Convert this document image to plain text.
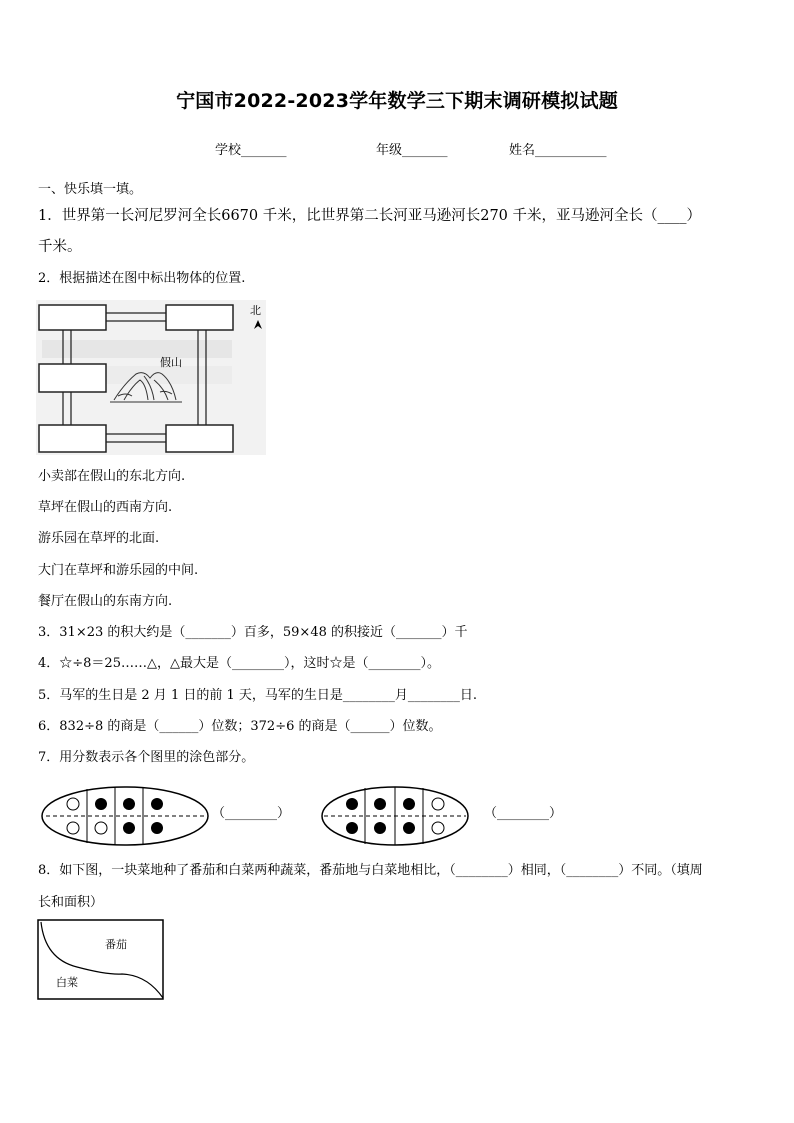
宁国市2022-2023学年数学三下期末调研模拟试题
学校_______	年级_______	姓名___________
一、快乐填一填。
1．世界第一长河尼罗河全长6670 千米，比世界第二长河亚马逊河长270 千米，亚马逊河全长（____）
千米。
2．根据描述在图中标出物体的位置.
假山
北
小卖部在假山的东北方向.
草坪在假山的西南方向.
游乐园在草坪的北面.
大门在草坪和游乐园的中间.
餐厅在假山的东南方向.
3．31×23 的积大约是（_______）百多，59×48 的积接近（_______）千
4．☆÷8＝25……△，△最大是（________），这时☆是（________）。
5．马军的生日是 2 月 1 日的前 1 天，马军的生日是________月________日.
6．832÷8 的商是（______）位数；372÷6 的商是（______）位数。
7．用分数表示各个图里的涂色部分。
（________）	（________）
8．如下图，一块菜地种了番茄和白菜两种蔬菜，番茄地与白菜地相比，（________）相同，（________）不同。（填周
长和面积）
番茄
白菜
